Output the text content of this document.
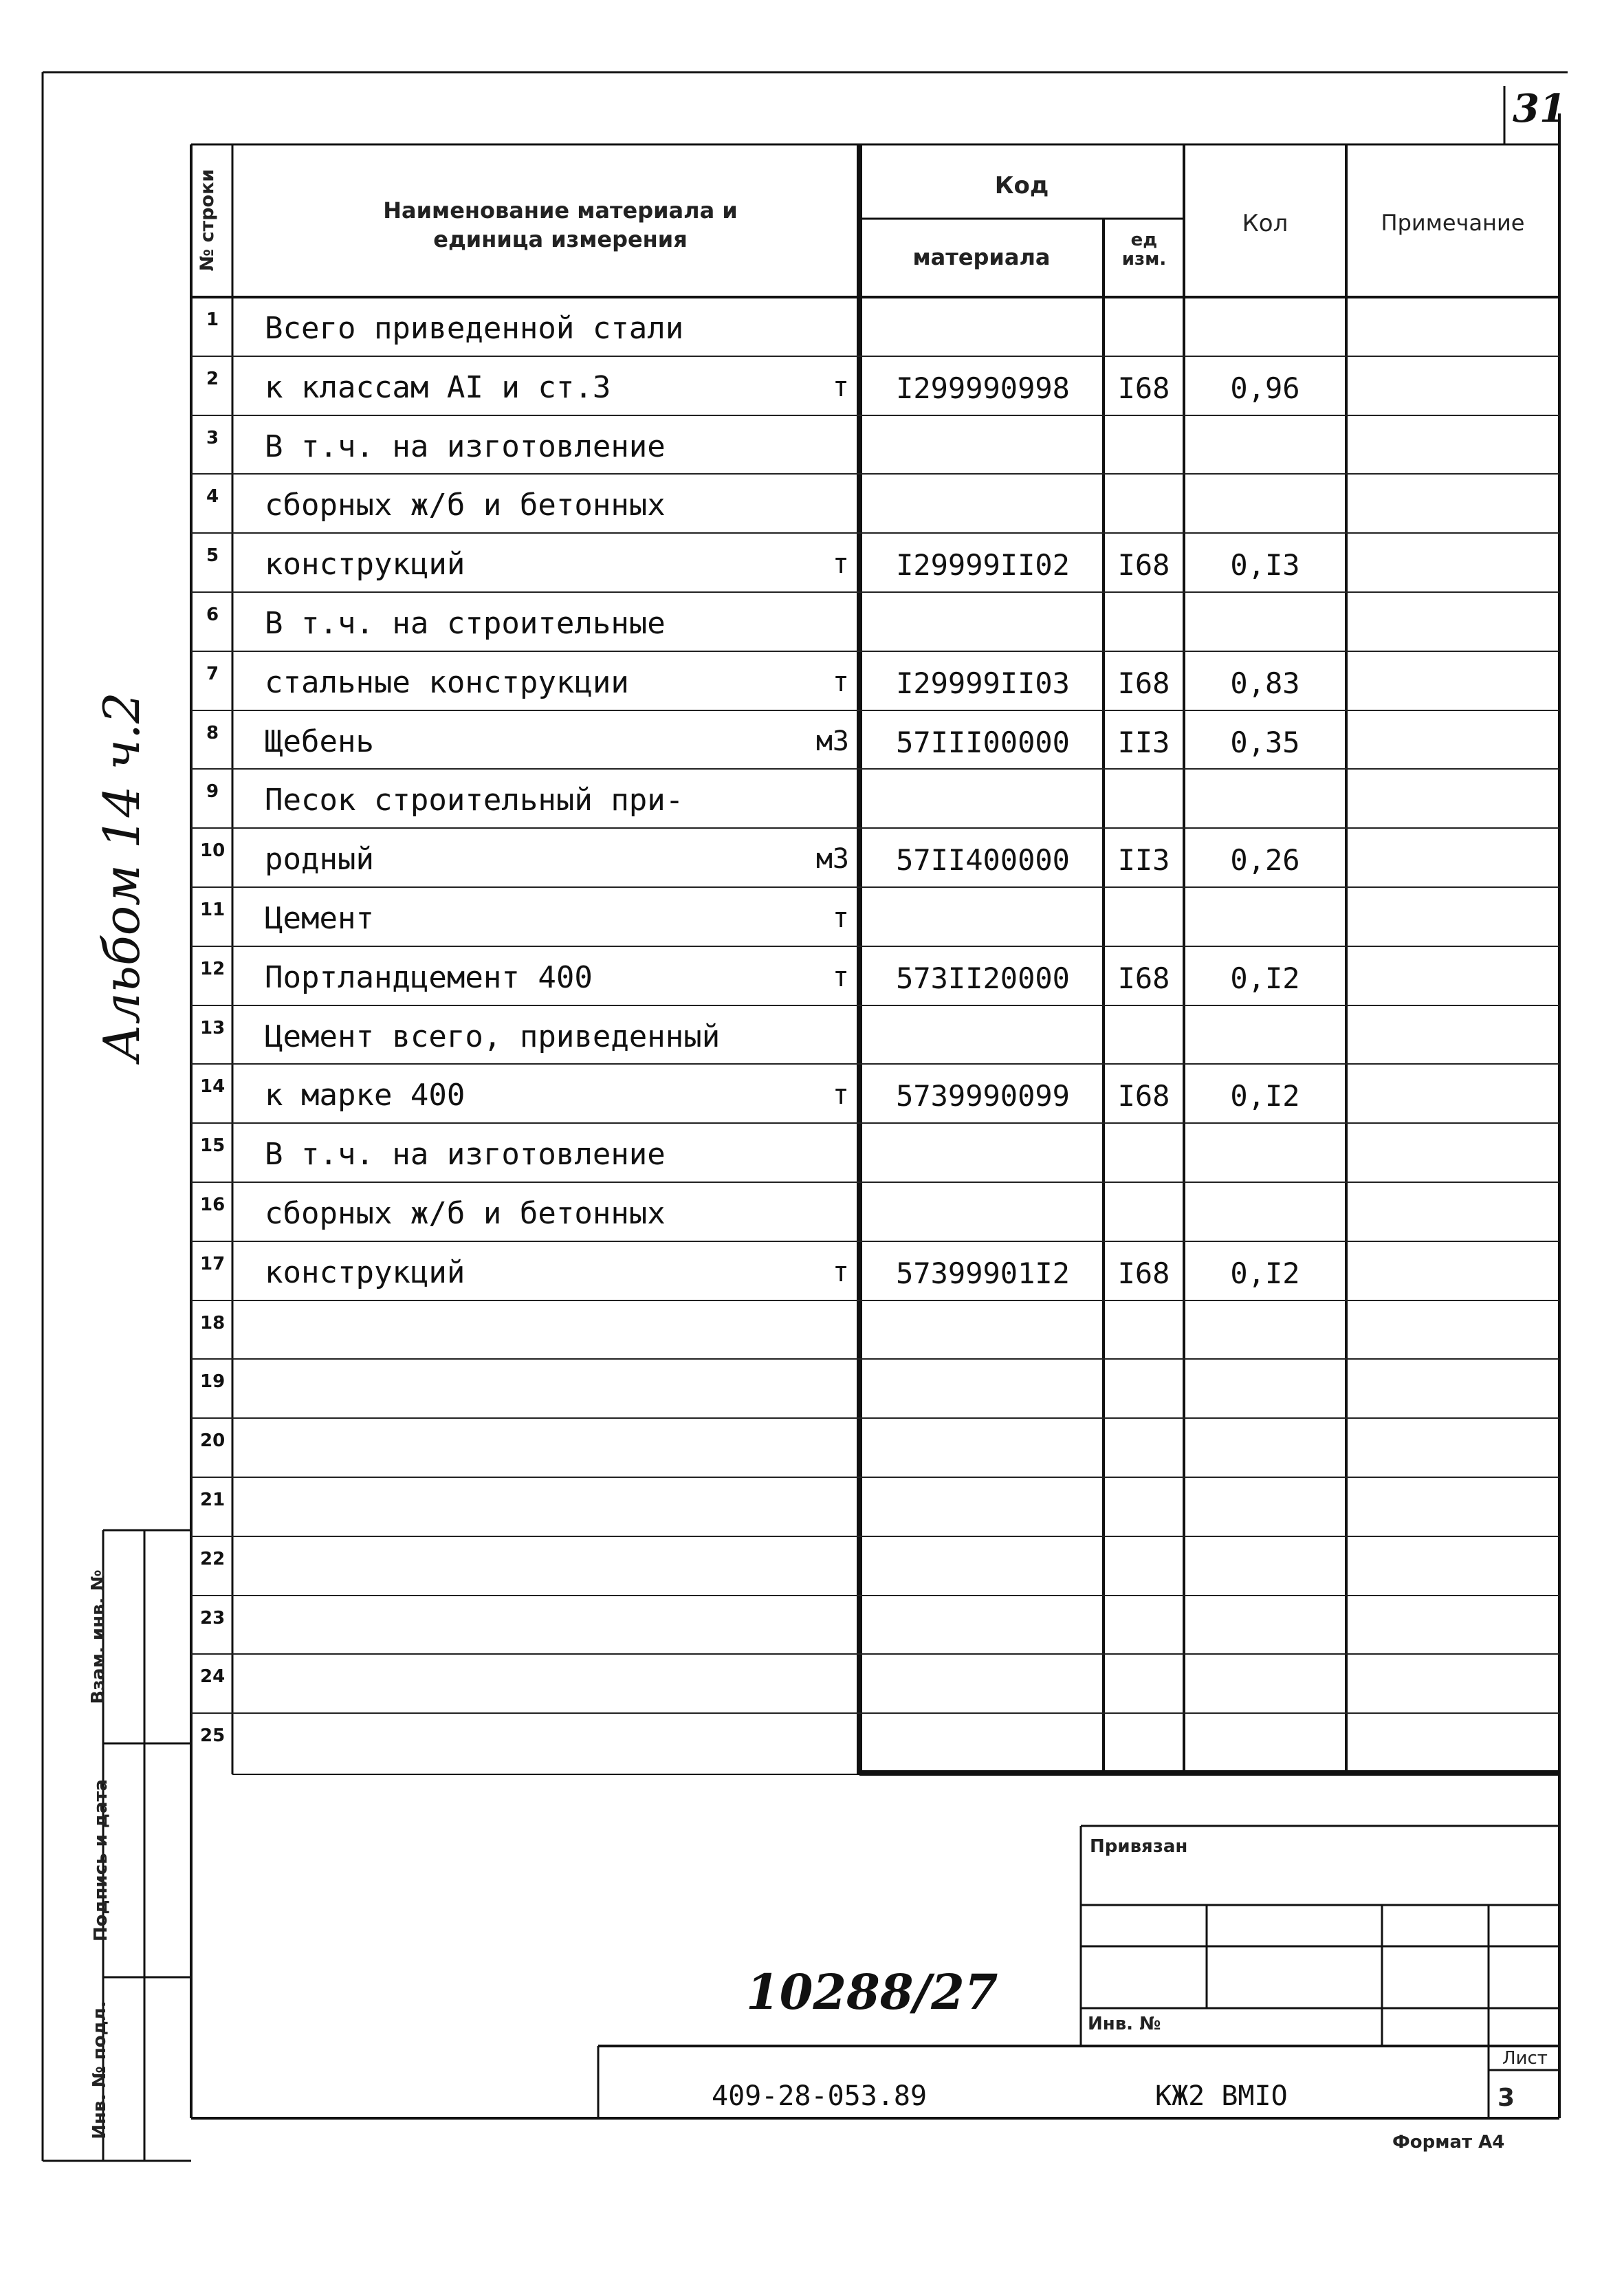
31
Альбом 14 ч.2
№ строки	Наименование материала и единица измерения
Код
материала
ед изм.
Кол	Примечание
1 Всего приведенной стали
2 к классам АI и ст.3	т	I299990998	I68	0,96
3 В т.ч. на изготовление
4 сборных ж/б и бетонных
5 конструкций	т	I29999II02	I68	0,I3
6 В т.ч. на строительные
7 стальные конструкции	т	I29999II03	I68	0,83
8 Щебень	м3	57III00000	II3	0,35
9 Песок строительный при-
10 родный	м3	57II400000	II3	0,26
11 Цемент	т
12 Портландцемент 400	т	573II20000	I68	0,I2
13 Цемент всего, приведенный
14 к марке 400	т	5739990099	I68	0,I2
15 В т.ч. на изготовление
16 сборных ж/б и бетонных
17 конструкций	т	57399901I2	I68	0,I2
18
19
20
21
22
23
24
25
Взам. инв. №
Подпись и дата
Инв. № подл.
Привязан
Инв. №
10288/27
409-28-053.89	КЖ2 ВМIО
Лист
3
Формат А4
